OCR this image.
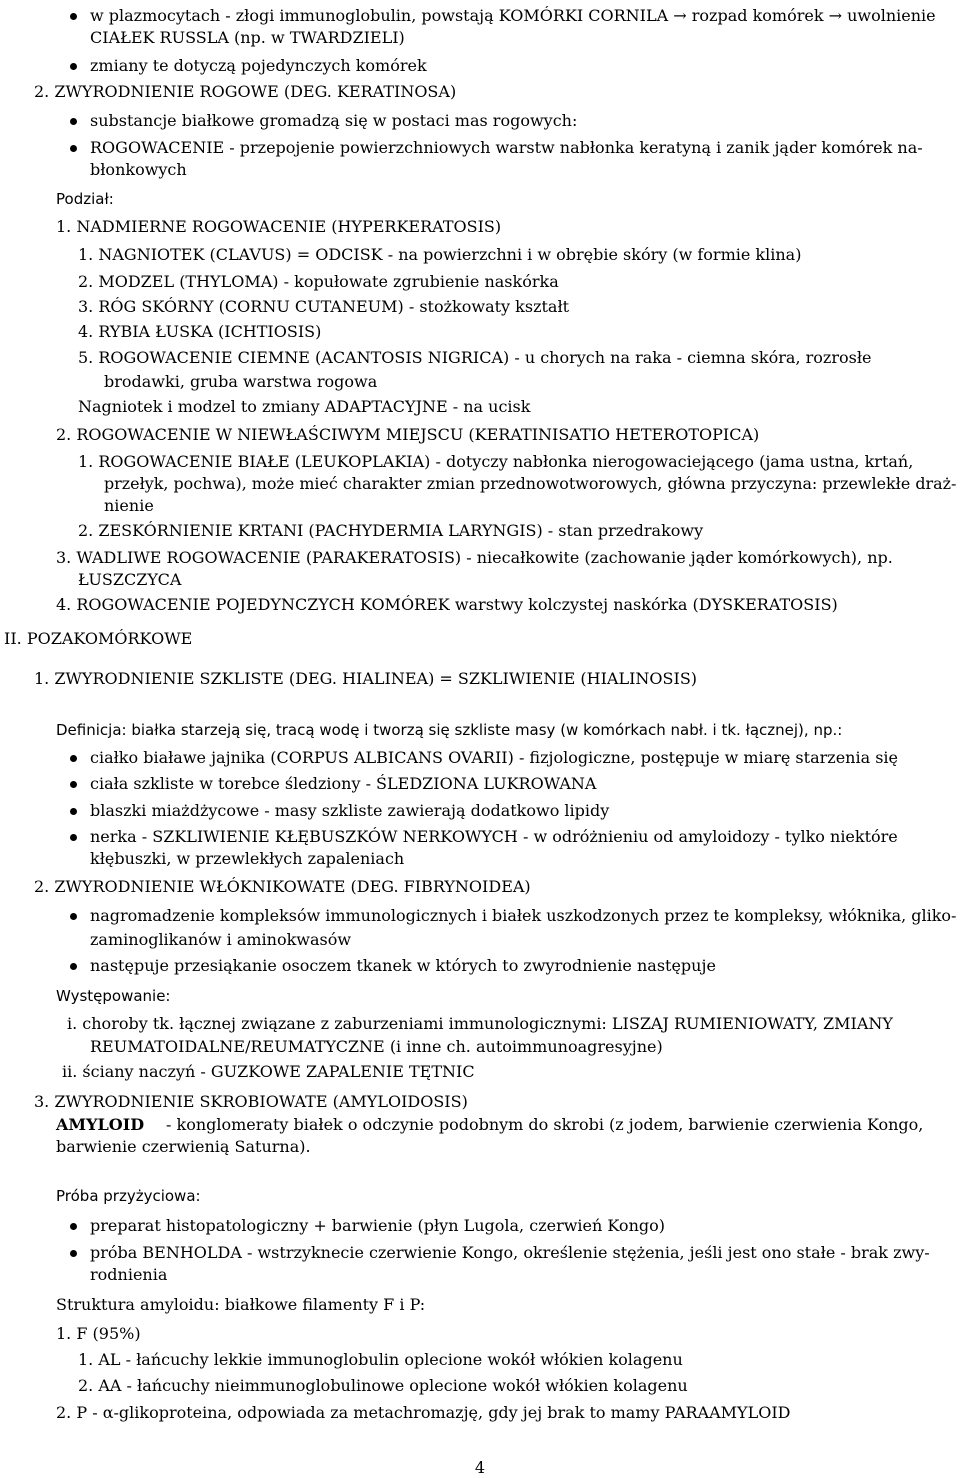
w plazmocytach - złogi immunoglobulin, powstają KOMÓRKI CORNILA → rozpad komórek → uwolnienie
CIAŁEK RUSSLA (np. w TWARDZIELI)
zmiany te dotyczą pojedynczych komórek
2. ZWYRODNIENIE ROGOWE (DEG. KERATINOSA)
substancje białkowe gromadzą się w postaci mas rogowych:
ROGOWACENIE - przepojenie powierzchniowych warstw nabłonka keratyną i zanik jąder komórek na-
błonkowych
Podział:
1. NADMIERNE ROGOWACENIE (HYPERKERATOSIS)
1. NAGNIOTEK (CLAVUS) = ODCISK - na powierzchni i w obrębie skóry (w formie klina)
2. MODZEL (THYLOMA) - kopułowate zgrubienie naskórka
3. RÓG SKÓRNY (CORNU CUTANEUM) - stożkowaty kształt
4. RYBIA ŁUSKA (ICHTIOSIS)
5. ROGOWACENIE CIEMNE (ACANTOSIS NIGRICA) - u chorych na raka - ciemna skóra, rozrosłe
brodawki, gruba warstwa rogowa
Nagniotek i modzel to zmiany ADAPTACYJNE - na ucisk
2. ROGOWACENIE W NIEWŁAŚCIWYM MIEJSCU (KERATINISATIO HETEROTOPICA)
1. ROGOWACENIE BIAŁE (LEUKOPLAKIA) - dotyczy nabłonka nierogowaciejącego (jama ustna, krtań,
przełyk, pochwa), może mieć charakter zmian przednowotworowych, główna przyczyna: przewlekłe draż-
nienie
2. ZESKÓRNIENIE KRTANI (PACHYDERMIA LARYNGIS) - stan przedrakowy
3. WADLIWE ROGOWACENIE (PARAKERATOSIS) - niecałkowite (zachowanie jąder komórkowych), np.
ŁUSZCZYCA
4. ROGOWACENIE POJEDYNCZYCH KOMÓREK warstwy kolczystej naskórka (DYSKERATOSIS)
II. POZAKOMÓRKOWE
1. ZWYRODNIENIE SZKLISTE (DEG. HIALINEA) = SZKLIWIENIE (HIALINOSIS)
Definicja: białka starzeją się, tracą wodę i tworzą się szkliste masy (w komórkach nabł. i tk. łącznej), np.:
ciałko białawe jajnika (CORPUS ALBICANS OVARII) - fizjologiczne, postępuje w miarę starzenia się
ciała szkliste w torebce śledziony - ŚLEDZIONA LUKROWANA
blaszki miażdżycowe - masy szkliste zawierają dodatkowo lipidy
nerka - SZKLIWIENIE KŁĘBUSZKÓW NERKOWYCH - w odróżnieniu od amyloidozy - tylko niektóre
kłębuszki, w przewlekłych zapaleniach
2. ZWYRODNIENIE WŁÓKNIKOWATE (DEG. FIBRYNOIDEA)
nagromadzenie kompleksów immunologicznych i białek uszkodzonych przez te kompleksy, włóknika, gliko-
zaminoglikanów i aminokwasów
następuje przesiąkanie osoczem tkanek w których to zwyrodnienie następuje
Występowanie:
i. choroby tk. łącznej związane z zaburzeniami immunologicznymi: LISZAJ RUMIENIOWATY, ZMIANY
REUMATOIDALNE/REUMATYCZNE (i inne ch. autoimmunoagresyjne)
ii. ściany naczyń - GUZKOWE ZAPALENIE TĘTNIC
3. ZWYRODNIENIE SKROBIOWATE (AMYLOIDOSIS)
AMYLOID - konglomeraty białek o odczynie podobnym do skrobi (z jodem, barwienie czerwienia Kongo,
barwienie czerwienią Saturna).
Próba przyżyciowa:
preparat histopatologiczny + barwienie (płyn Lugola, czerwień Kongo)
próba BENHOLDA - wstrzyknecie czerwienie Kongo, określenie stężenia, jeśli jest ono stałe - brak zwy-
rodnienia
Struktura amyloidu: białkowe filamenty F i P:
1. F (95%)
1. AL - łańcuchy lekkie immunoglobulin oplecione wokół włókien kolagenu
2. AA - łańcuchy nieimmunoglobulinowe oplecione wokół włókien kolagenu
2. P - α-glikoproteina, odpowiada za metachromazję, gdy jej brak to mamy PARAAMYLOID
4
